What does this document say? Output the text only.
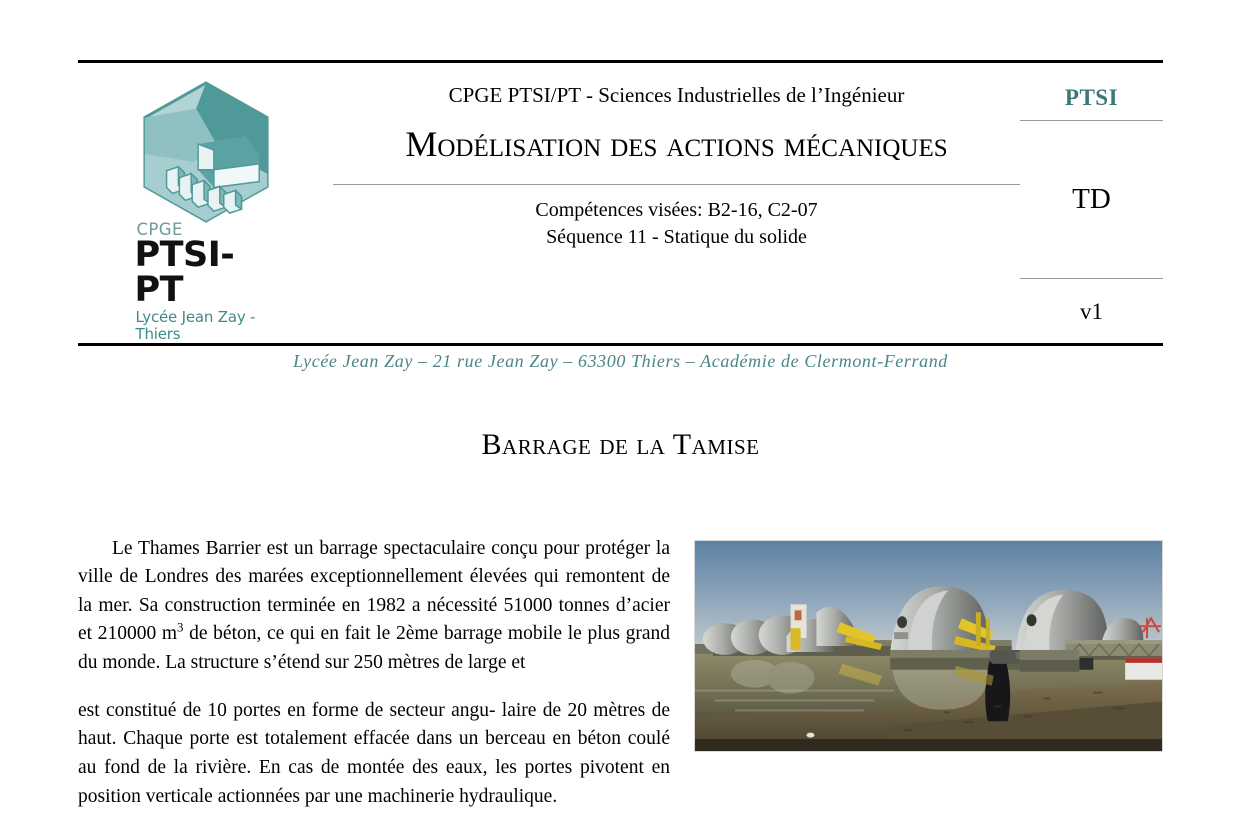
CPGE
PTSI-PT
Lycée Jean Zay - Thiers
CPGE PTSI/PT - Sciences Industrielles de l’Ingénieur
Modélisation des actions mécaniques
Compétences visées: B2-16, C2-07
Séquence 11 - Statique du solide
PTSI
TD
v1
Lycée Jean Zay – 21 rue Jean Zay – 63300 Thiers – Académie de Clermont-Ferrand
Barrage de la Tamise

Le Thames Barrier est un barrage spectaculaire conçu pour protéger la ville de Londres des marées exceptionnellement élevées qui remontent de la mer. Sa construction terminée en 1982 a nécessité 51000 tonnes d’acier et 210000 $m^3$ de béton, ce qui en fait le 2ème barrage mobile le plus grand du monde. La structure s’étend sur 250 mètres de large et

est constitué de 10 portes en forme de secteur angu- laire de 20 mètres de haut. Chaque porte est totalement effacée dans un berceau en béton coulé au fond de la rivière. En cas de montée des eaux, les portes pivotent en position verticale actionnées par une machinerie hydraulique.
